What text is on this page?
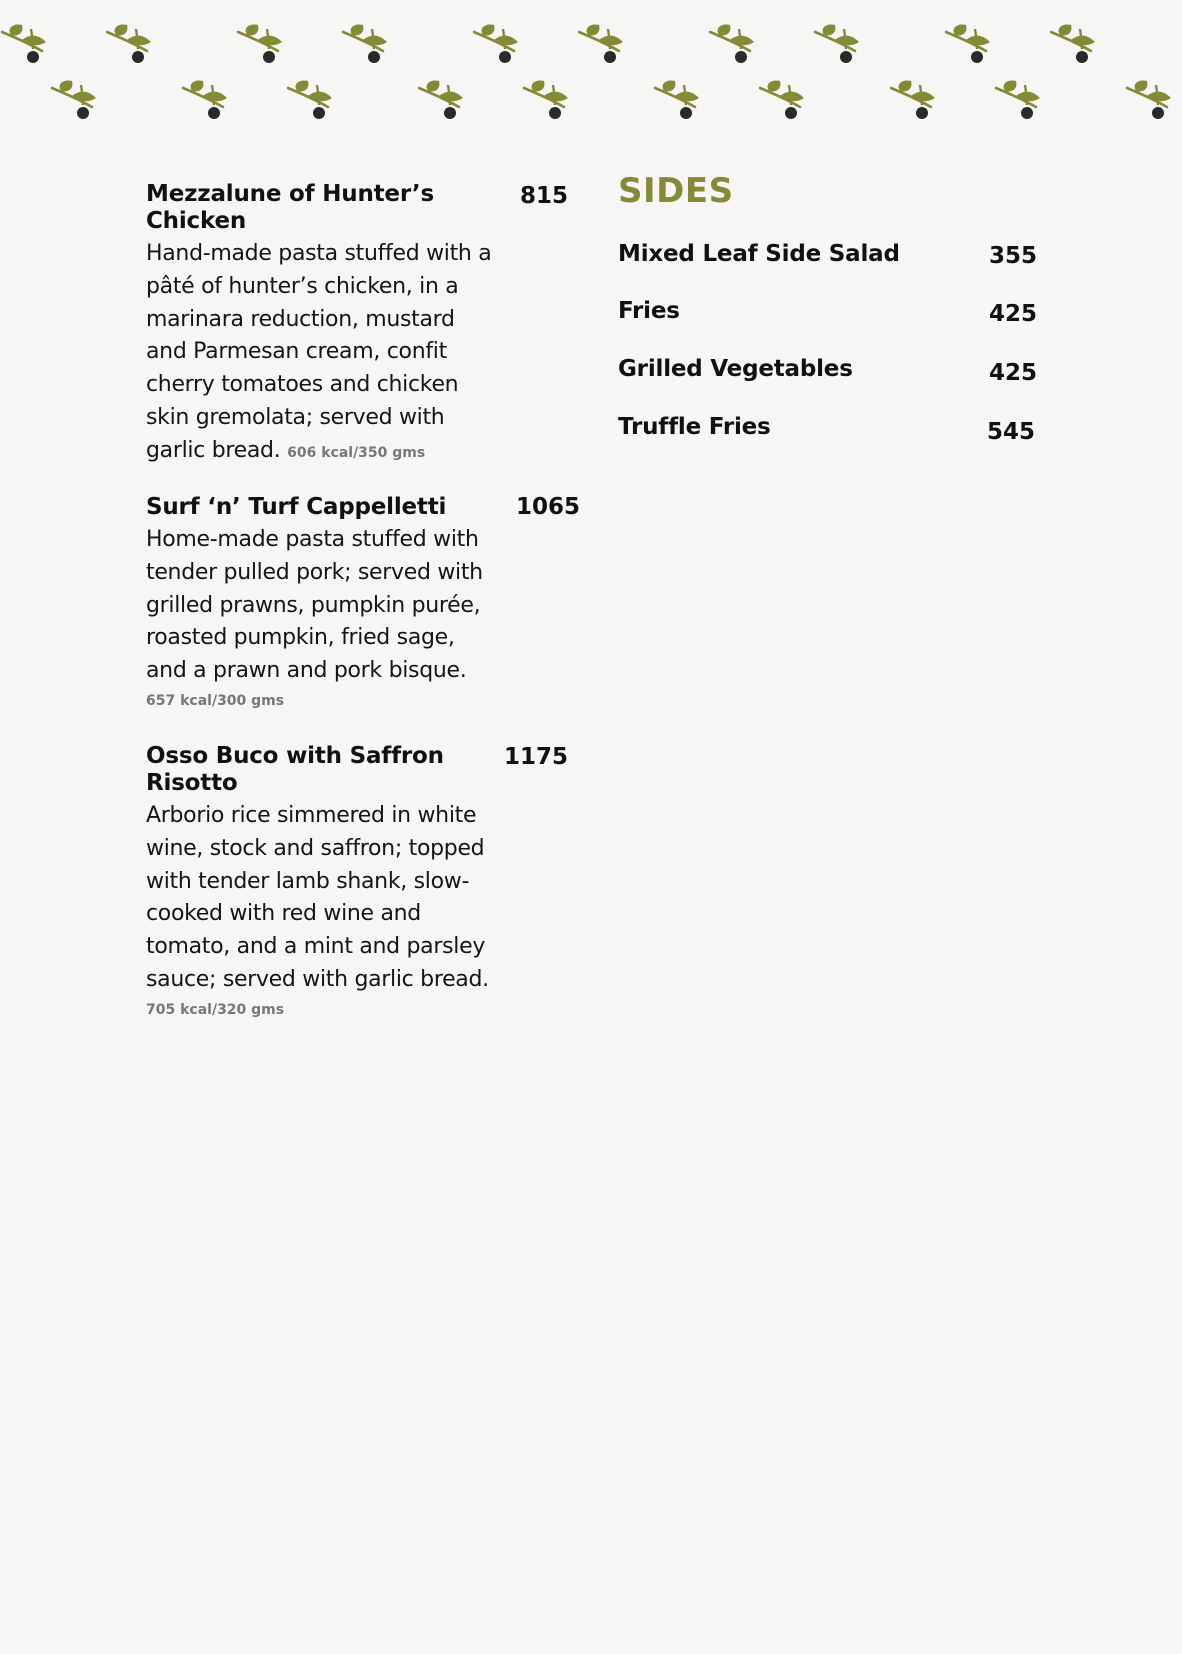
Mezzalune of Hunter’s Chicken
815
Hand-made pasta stuffed with a pâté of hunter’s chicken, in a marinara reduction, mustard and Parmesan cream, confit cherry tomatoes and chicken skin gremolata; served with garlic bread. 606 kcal/350 gms
Surf ‘n’ Turf Cappelletti	1065
Home-made pasta stuffed with tender pulled pork; served with grilled prawns, pumpkin purée, roasted pumpkin, fried sage, and a prawn and pork bisque.
657 kcal/300 gms
Osso Buco with Saffron Risotto
1175
Arborio rice simmered in white wine, stock and saffron; topped with tender lamb shank, slow-cooked with red wine and tomato, and a mint and parsley sauce; served with garlic bread.
705 kcal/320 gms
SIDES
Mixed Leaf Side Salad	355
Fries	425
Grilled Vegetables	425
Truffle Fries	545
